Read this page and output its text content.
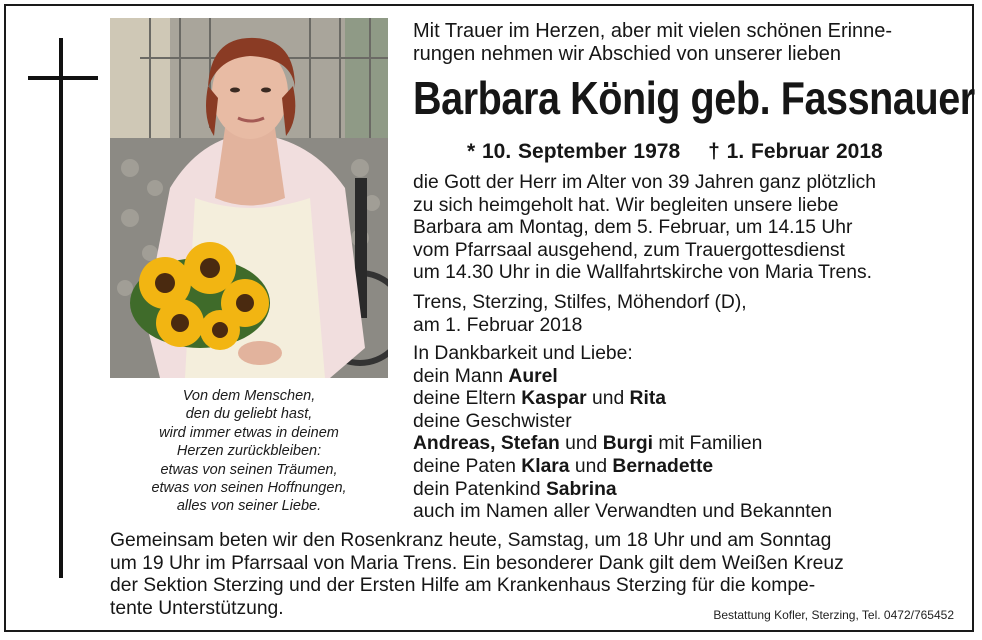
Von dem Menschen,
den du geliebt hast,
wird immer etwas in deinem
Herzen zurückbleiben:
etwas von seinen Träumen,
etwas von seinen Hoffnungen,
alles von seiner Liebe.
Mit Trauer im Herzen, aber mit vielen schönen Erinne-
rungen nehmen wir Abschied von unserer lieben
Barbara König geb. Fassnauer
* 10. September 1978 † 1. Februar 2018
die Gott der Herr im Alter von 39 Jahren ganz plötzlich
zu sich heimgeholt hat. Wir begleiten unsere liebe
Barbara am Montag, dem 5. Februar, um 14.15 Uhr
vom Pfarrsaal ausgehend, zum Trauergottesdienst
um 14.30 Uhr in die Wallfahrtskirche von Maria Trens.
Trens, Sterzing, Stilfes, Möhendorf (D),
am 1. Februar 2018
In Dankbarkeit und Liebe:
dein Mann Aurel
deine Eltern Kaspar und Rita
deine Geschwister
Andreas, Stefan und Burgi mit Familien
deine Paten Klara und Bernadette
dein Patenkind Sabrina
auch im Namen aller Verwandten und Bekannten
Gemeinsam beten wir den Rosenkranz heute, Samstag, um 18 Uhr und am Sonntag
um 19 Uhr im Pfarrsaal von Maria Trens. Ein besonderer Dank gilt dem Weißen Kreuz
der Sektion Sterzing und der Ersten Hilfe am Krankenhaus Sterzing für die kompe-
tente Unterstützung.	Bestattung Kofler, Sterzing, Tel. 0472/765452
